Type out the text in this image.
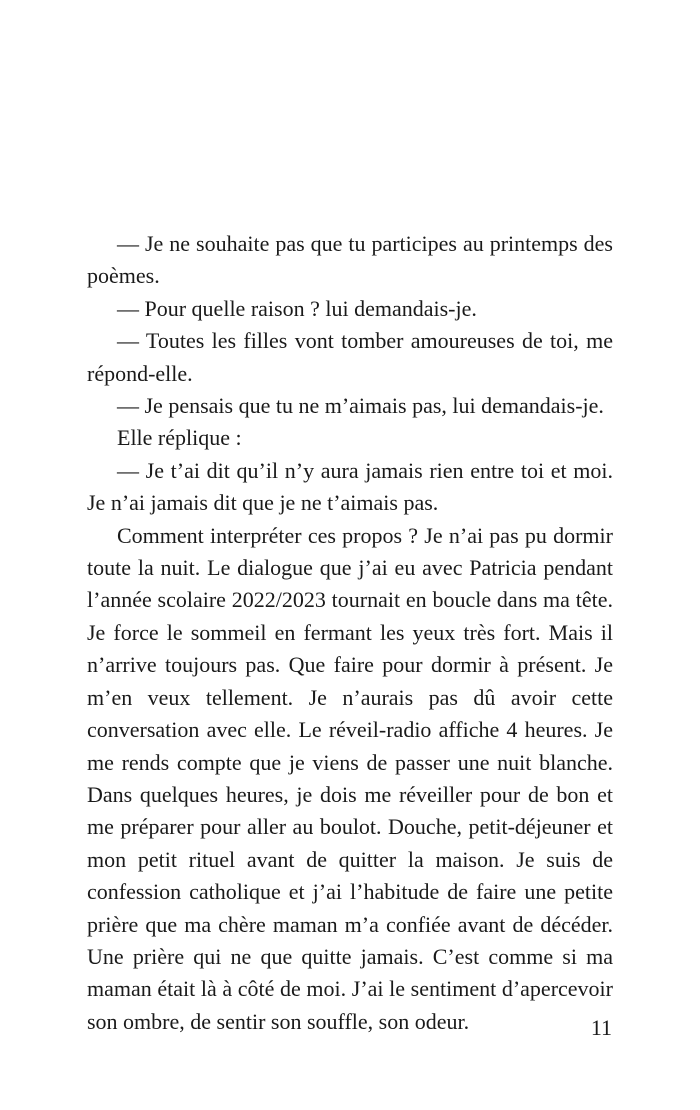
— Je ne souhaite pas que tu participes au printemps des poèmes.

— Pour quelle raison ? lui demandais-je.

— Toutes les filles vont tomber amoureuses de toi, me répond-elle.

— Je pensais que tu ne m’aimais pas, lui demandais-je.

Elle réplique :

— Je t’ai dit qu’il n’y aura jamais rien entre toi et moi. Je n’ai jamais dit que je ne t’aimais pas.

Comment interpréter ces propos ? Je n’ai pas pu dormir toute la nuit. Le dialogue que j’ai eu avec Patricia pendant l’année scolaire 2022/2023 tournait en boucle dans ma tête. Je force le sommeil en fermant les yeux très fort. Mais il n’arrive toujours pas. Que faire pour dormir à présent. Je m’en veux tellement. Je n’aurais pas dû avoir cette conversation avec elle. Le réveil-radio affiche 4 heures. Je me rends compte que je viens de passer une nuit blanche. Dans quelques heures, je dois me réveiller pour de bon et me préparer pour aller au boulot. Douche, petit-déjeuner et mon petit rituel avant de quitter la maison. Je suis de confession catholique et j’ai l’habitude de faire une petite prière que ma chère maman m’a confiée avant de décéder. Une prière qui ne que quitte jamais. C’est comme si ma maman était là à côté de moi. J’ai le sentiment d’apercevoir son ombre, de sentir son souffle, son odeur.	11
